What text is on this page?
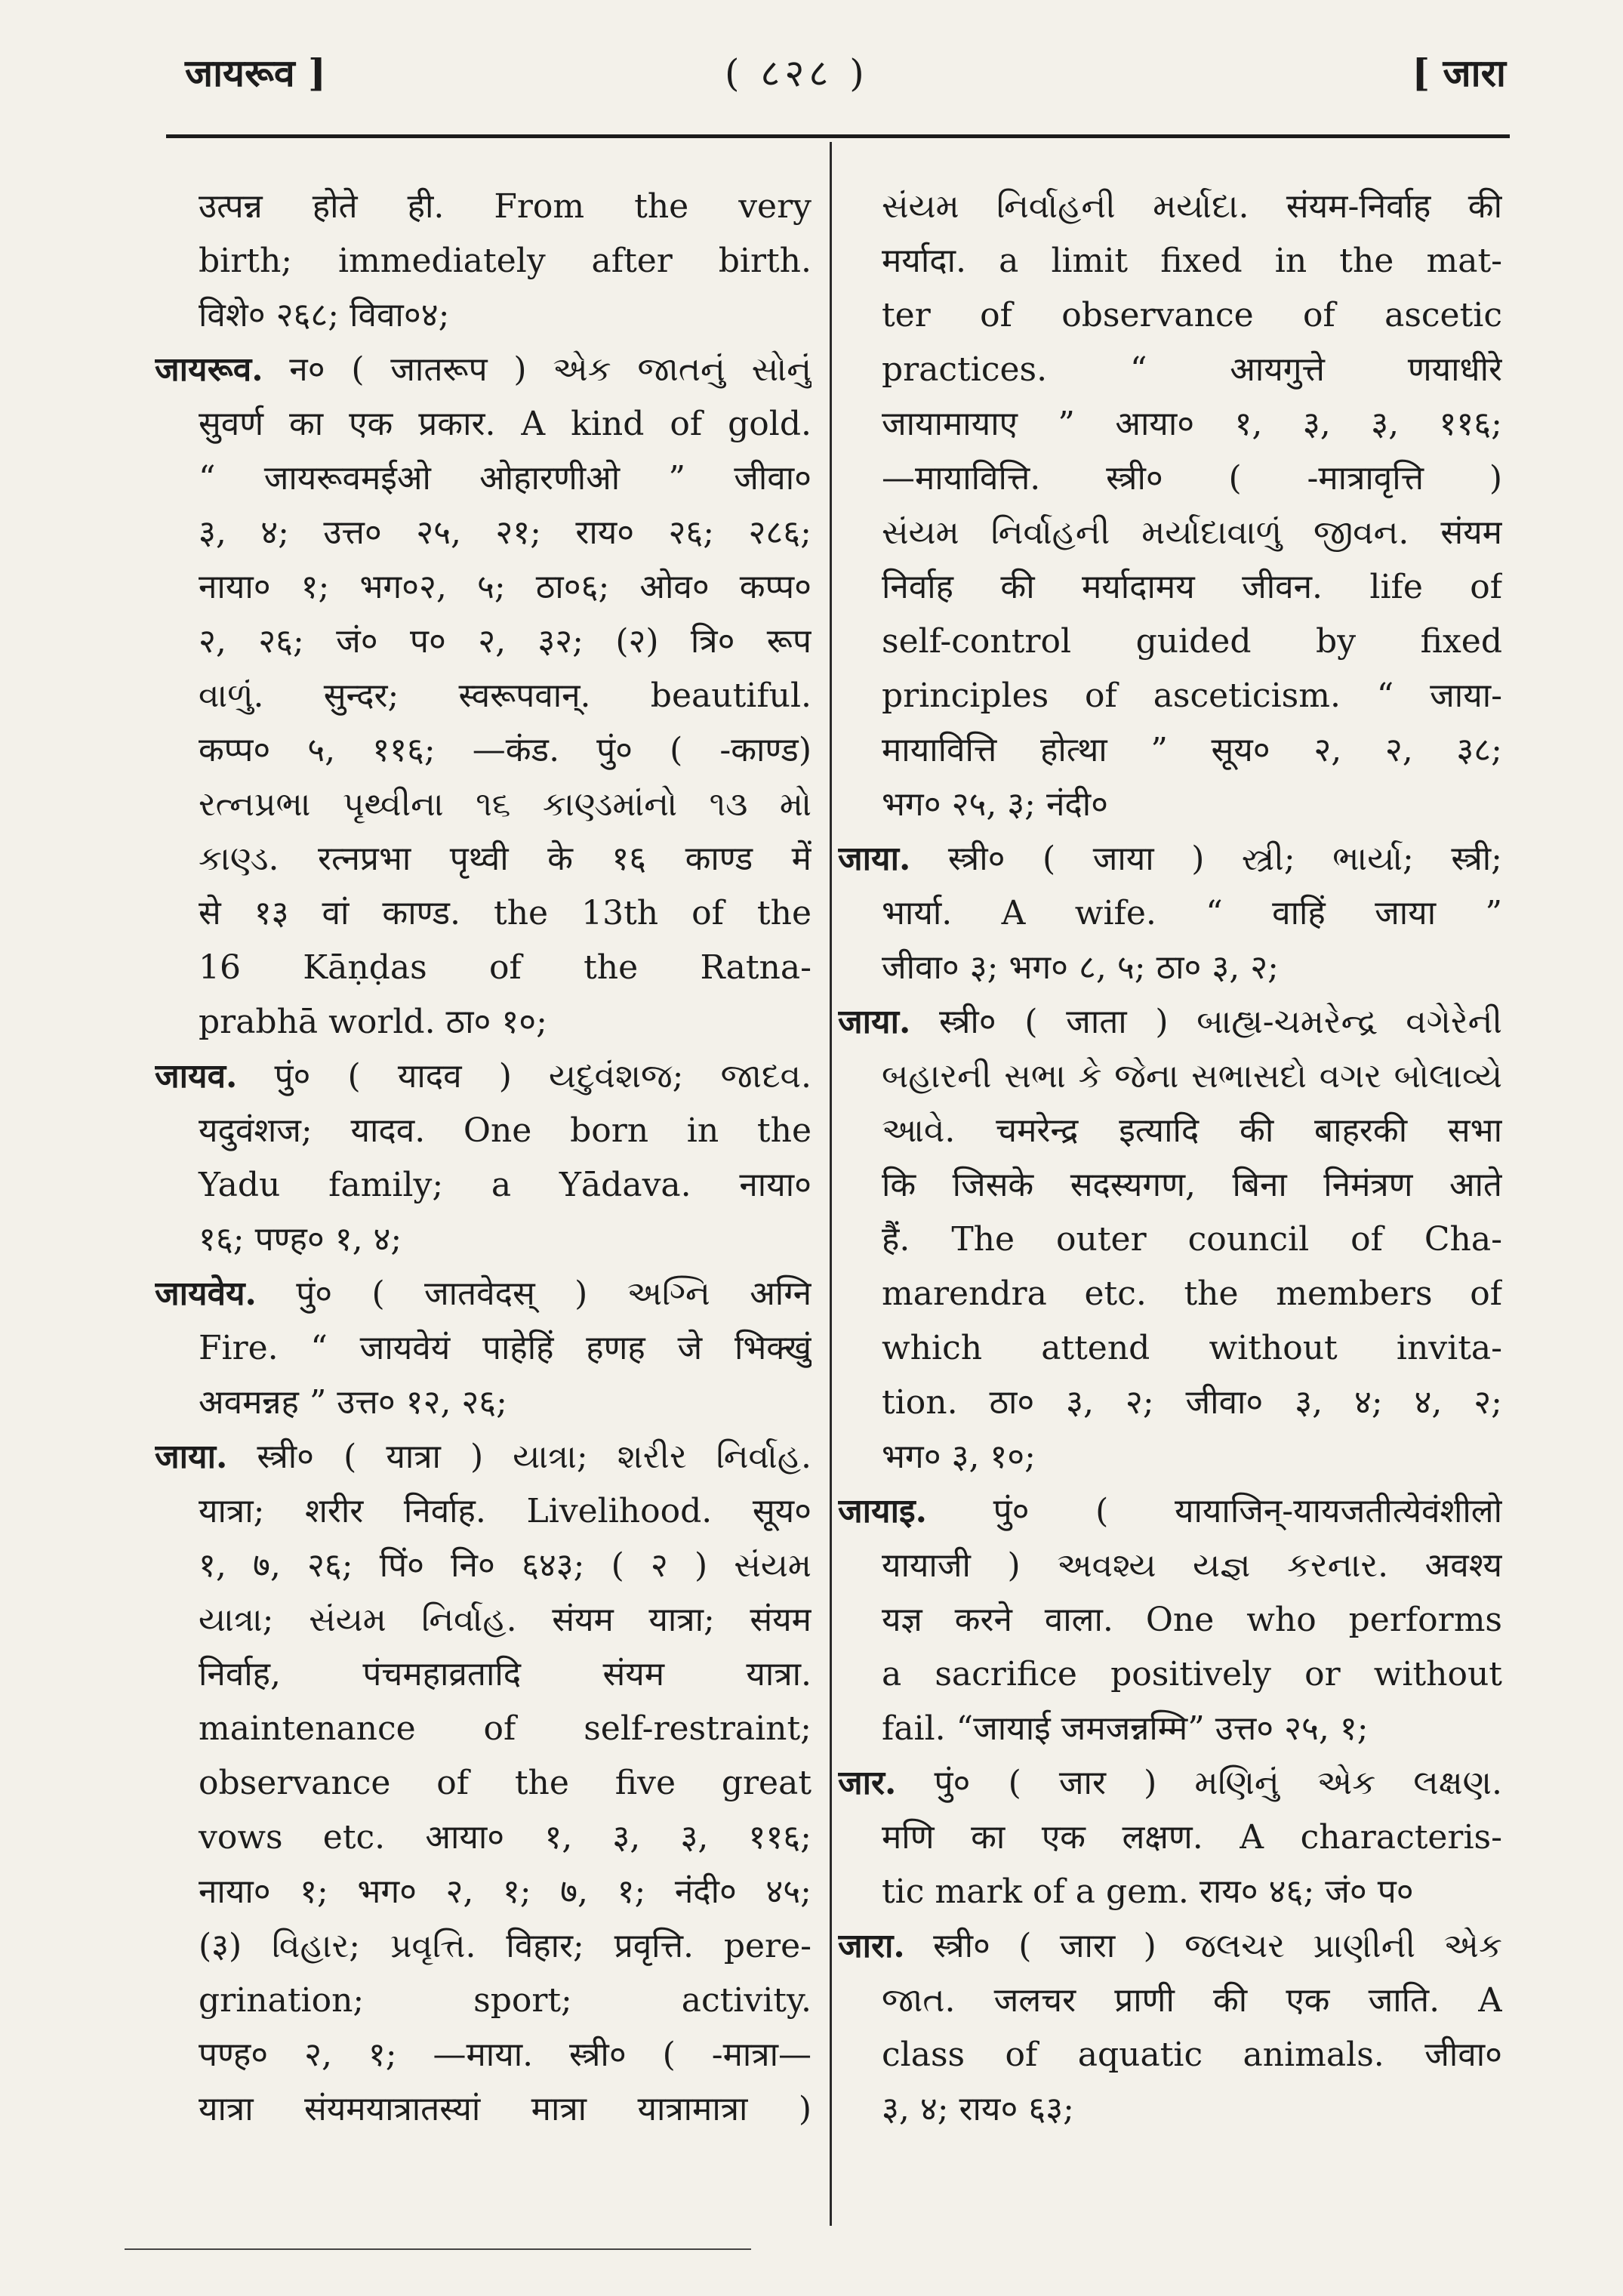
जायरूव ]	( ८२८ )	[ जारा
उत्पन्न होते ही. From the very
birth; immediately after birth.
विशे० २६८; विवा०४;
जायरूव. न० ( जातरूप ) એક જાતનું સોનું
सुवर्ण का एक प्रकार. A kind of gold.
“ जायरूवमईओ ओहारणीओ ” जीवा०
३, ४; उत्त० २५, २१; राय० २६; २८६;
नाया० १; भग०२, ५; ठा०६; ओव० कप्प०
२, २६; जं० प० २, ३२; (२) त्रि० रूप
વાળું. सुन्दर; स्वरूपवान्. beautiful.
कप्प० ५, ११६; —कंड. पुं० ( -काण्ड)
રત્નપ્રભા પૃથ્વીના ૧૬ કાણ્ડમાંનો ૧૩ મો
કાણ્ડ. रत्नप्रभा पृथ्वी के १६ काण्ड में
से १३ वां काण्ड. the 13th of the
16 Kāṇḍas of the Ratna-
prabhā world. ठा० १०;
जायव. पुं० ( यादव ) યદુવંશજ; જાદવ.
यदुवंशज; यादव. One born in the
Yadu family; a Yādava. नाया०
१६; पण्ह० १, ४;
जायवेय. पुं० ( जातवेदस् ) અગ્નિ अग्नि
Fire. “ जायवेयं पाहेहिं हणह जे भिक्खुं
अवमन्नह ” उत्त० १२, २६;
जाया. स्त्री० ( यात्रा ) યાત્રા; શરીર નિર્વાહ.
यात्रा; शरीर निर्वाह. Livelihood. सूय०
१, ७, २६; पिं० नि० ६४३; ( २ ) સંયમ
યાત્રા; સંયમ નિર્વાહ. संयम यात्रा; संयम
निर्वाह, पंचमहाव्रतादि संयम यात्रा.
maintenance of self-restraint;
observance of the five great
vows etc. आया० १, ३, ३, ११६;
नाया० १; भग० २, १; ७, १; नंदी० ४५;
(३) વિહાર; પ્રવૃત્તિ. विहार; प्रवृत्ति. pere-
grination; sport; activity.
पण्ह० २, १; —माया. स्त्री० ( -मात्रा—
यात्रा संयमयात्रातस्यां मात्रा यात्रामात्रा )
સંયમ નિર્વાહની મર્યાદા. संयम-निर्वाह की
मर्यादा. a limit fixed in the mat-
ter of observance of ascetic
practices. “ आयगुत्ते णयाधीरे
जायामायाए ” आया० १, ३, ३, ११६;
—मायावित्ति. स्त्री० ( -मात्रावृत्ति )
સંયમ નિર્વાહની મર્યાદાવાળું જીવન. संयम
निर्वाह की मर्यादामय जीवन. life of
self-control guided by fixed
principles of asceticism. “ जाया-
मायावित्ति होत्था ” सूय० २, २, ३८;
भग० २५, ३; नंदी०
जाया. स्त्री० ( जाया ) સ્ત્રી; ભાર્યા; स्त्री;
भार्या. A wife. “ वाहिं जाया ”
जीवा० ३; भग० ८, ५; ठा० ३, २;
जाया. स्त्री० ( जाता ) બાહ્ય-ચમરેન્દ્ર વગેરેની
બહારની સભા કે જેના સભાસદો વગર બોલાવ્યે
આવે. चमरेन्द्र इत्यादि की बाहरकी सभा
कि जिसके सदस्यगण, बिना निमंत्रण आते
हैं. The outer council of Cha-
marendra etc. the members of
which attend without invita-
tion. ठा० ३, २; जीवा० ३, ४; ४, २;
भग० ३, १०;
जायाइ. पुं० ( यायाजिन्-यायजतीत्येवंशीलो
यायाजी ) અવશ્ય યજ્ઞ કરનાર. अवश्य
यज्ञ करने वाला. One who performs
a sacrifice positively or without
fail. “जायाई जमजन्नम्मि” उत्त० २५, १;
जार. पुं० ( जार ) મણિનું એક લક્ષણ.
मणि का एक लक्षण. A characteris-
tic mark of a gem. राय० ४६; जं० प०
जारा. स्त्री० ( जारा ) જલચર પ્રાણીની એક
જાત. जलचर प्राणी की एक जाति. A
class of aquatic animals. जीवा०
३, ४; राय० ६३;
